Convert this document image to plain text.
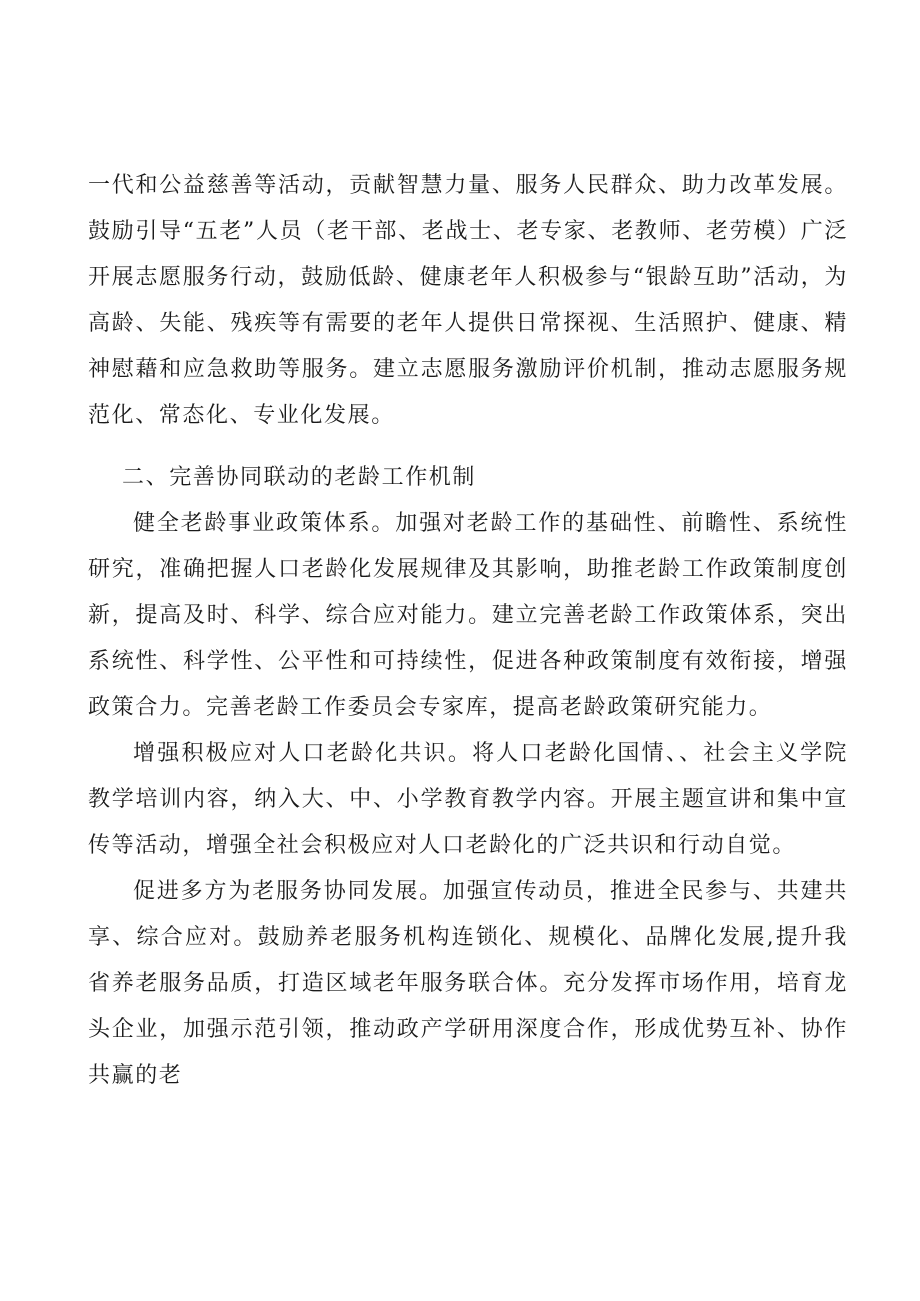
一代和公益慈善等活动，贡献智慧力量、服务人民群众、助力改革发展。鼓励引导“五老”人员（老干部、老战士、老专家、老教师、老劳模）广泛开展志愿服务行动，鼓励低龄、健康老年人积极参与“银龄互助”活动，为高龄、失能、残疾等有需要的老年人提供日常探视、生活照护、健康、精神慰藉和应急救助等服务。建立志愿服务激励评价机制，推动志愿服务规范化、常态化、专业化发展。

二、完善协同联动的老龄工作机制

健全老龄事业政策体系。加强对老龄工作的基础性、前瞻性、系统性研究，准确把握人口老龄化发展规律及其影响，助推老龄工作政策制度创新，提高及时、科学、综合应对能力。建立完善老龄工作政策体系，突出系统性、科学性、公平性和可持续性，促进各种政策制度有效衔接，增强政策合力。完善老龄工作委员会专家库，提高老龄政策研究能力。

增强积极应对人口老龄化共识。将人口老龄化国情、、社会主义学院教学培训内容，纳入大、中、小学教育教学内容。开展主题宣讲和集中宣传等活动，增强全社会积极应对人口老龄化的广泛共识和行动自觉。

促进多方为老服务协同发展。加强宣传动员，推进全民参与、共建共享、综合应对。鼓励养老服务机构连锁化、规模化、品牌化发展,提升我省养老服务品质，打造区域老年服务联合体。充分发挥市场作用，培育龙头企业，加强示范引领，推动政产学研用深度合作，形成优势互补、协作共赢的老
